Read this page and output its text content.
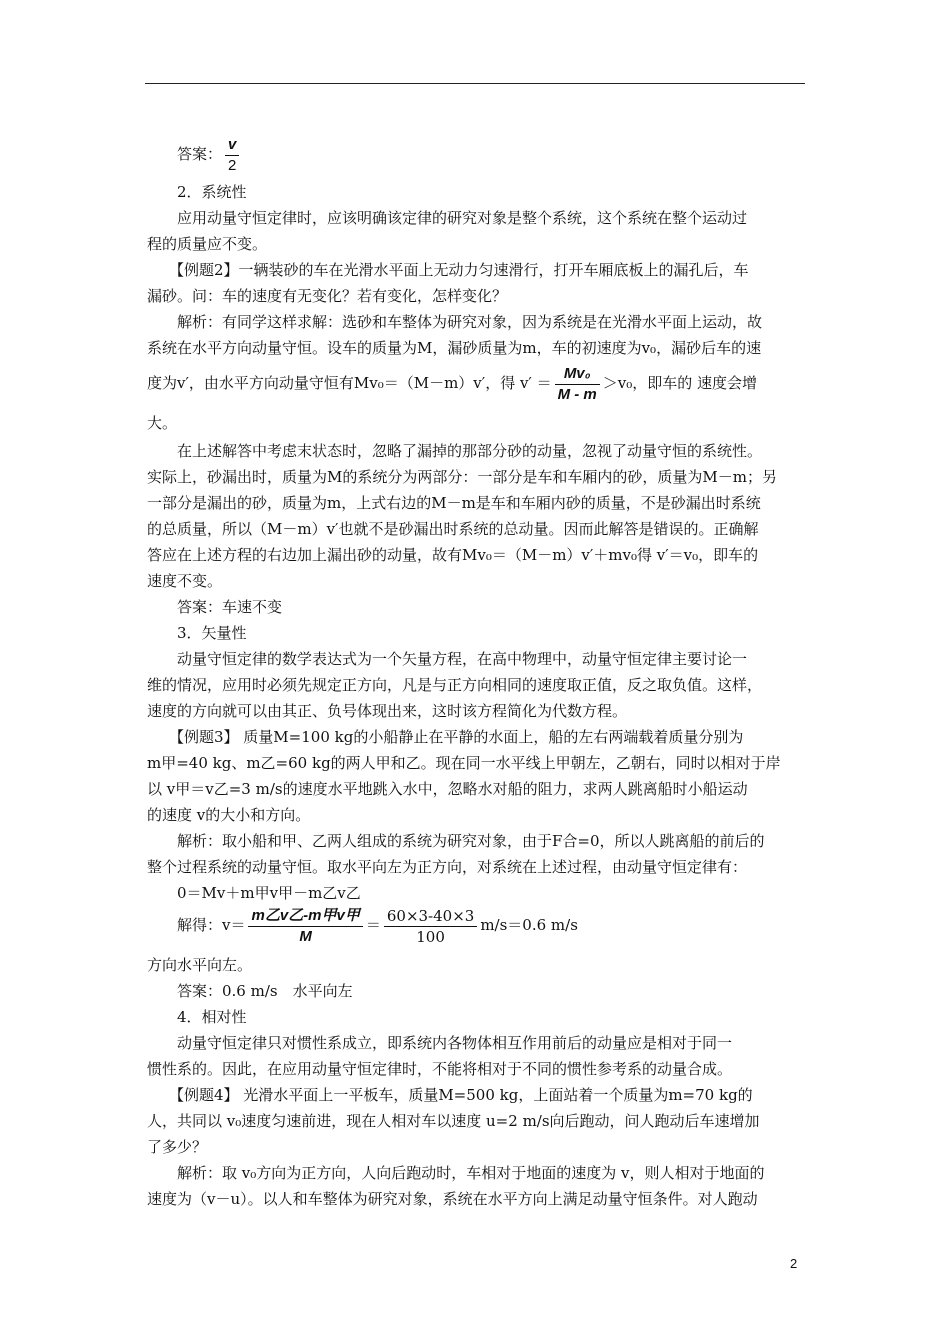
答案： $\frac{v}{2}$
2．系统性
应用动量守恒定律时，应该明确该定律的研究对象是整个系统，这个系统在整个运动过
程的质量应不变。
【例题2】一辆装砂的车在光滑水平面上无动力匀速滑行，打开车厢底板上的漏孔后，车
漏砂。问：车的速度有无变化？若有变化，怎样变化？
解析：有同学这样求解：选砂和车整体为研究对象，因为系统是在光滑水平面上运动，故
系统在水平方向动量守恒。设车的质量为M，漏砂质量为m，车的初速度为v₀，漏砂后车的速
度为v′，由水平方向动量守恒有Mv₀＝（M－m）v′，得 $v' = \frac{\text{Mv₀}}{M - m} >v_0$，即车的 速度会增
大。
在上述解答中考虑末状态时，忽略了漏掉的那部分砂的动量，忽视了动量守恒的系统性。
实际上，砂漏出时，质量为M的系统分为两部分：一部分是车和车厢内的砂，质量为M－m；另
一部分是漏出的砂，质量为m，上式右边的M－m是车和车厢内砂的质量，不是砂漏出时系统
的总质量，所以（M－m）v′也就不是砂漏出时系统的总动量。因而此解答是错误的。正确解
答应在上述方程的右边加上漏出砂的动量，故有Mv₀＝（M－m）v′＋mv₀得 v′＝v₀，即车的
速度不变。
答案：车速不变
3．矢量性
动量守恒定律的数学表达式为一个矢量方程，在高中物理中，动量守恒定律主要讨论一
维的情况，应用时必须先规定正方向，凡是与正方向相同的速度取正值，反之取负值。这样，
速度的方向就可以由其正、负号体现出来，这时该方程简化为代数方程。
【例题3】 质量M=100 kg的小船静止在平静的水面上，船的左右两端载着质量分别为
m甲=40 kg、m乙=60 kg的两人甲和乙。现在同一水平线上甲朝左，乙朝右，同时以相对于岸
以 v甲＝v乙=3 m/s的速度水平地跳入水中，忽略水对船的阻力，求两人跳离船时小船运动
的速度 v的大小和方向。
解析：取小船和甲、乙两人组成的系统为研究对象，由于F合=0，所以人跳离船的前后的
整个过程系统的动量守恒。取水平向左为正方向，对系统在上述过程，由动量守恒定律有：
0＝Mv＋m甲v甲－m乙v乙
解得：$v= \frac{\text{m乙v乙-m甲v甲}}{M} = \frac{60\times 3-40\times 3}{100} m/s=0.6$ m/s
方向水平向左。
答案：0.6 m/s　水平向左
4．相对性
动量守恒定律只对惯性系成立，即系统内各物体相互作用前后的动量应是相对于同一
惯性系的。因此，在应用动量守恒定律时，不能将相对于不同的惯性参考系的动量合成。
【例题4】 光滑水平面上一平板车，质量M=500 kg，上面站着一个质量为m=70 kg的
人，共同以 v₀速度匀速前进，现在人相对车以速度 u=2 m/s向后跑动，问人跑动后车速增加
了多少？
解析：取 v₀方向为正方向，人向后跑动时，车相对于地面的速度为 v，则人相对于地面的
速度为（v－u）。以人和车整体为研究对象，系统在水平方向上满足动量守恒条件。对人跑动
2
